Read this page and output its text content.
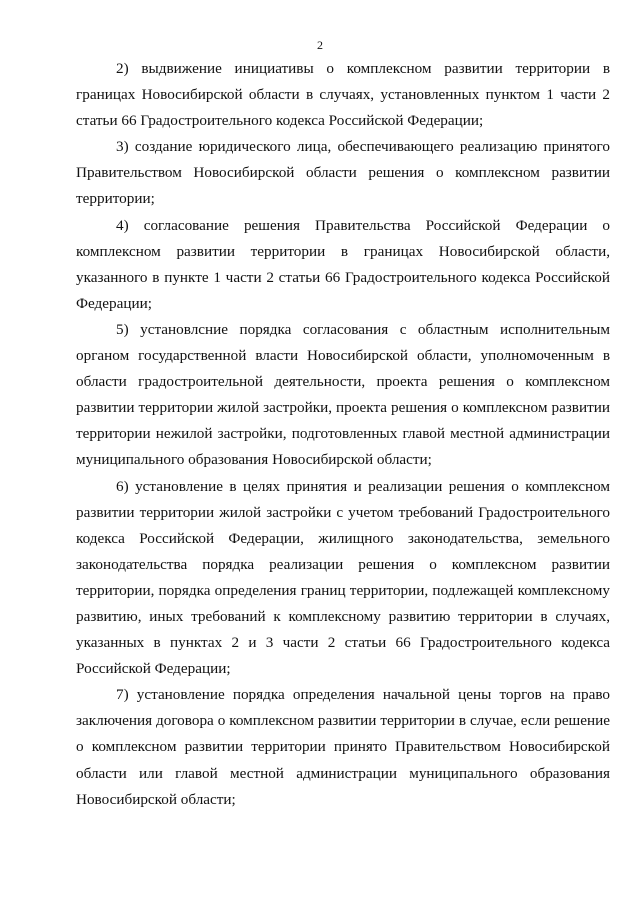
2

2) выдвижение инициативы о комплексном развитии территории в границах Новосибирской области в случаях, установленных пунктом 1 части 2 статьи 66 Градостроительного кодекса Российской Федерации;

3) создание юридического лица, обеспечивающего реализацию принятого Правительством Новосибирской области решения о комплексном развитии территории;

4) согласование решения Правительства Российской Федерации о комплексном развитии территории в границах Новосибирской области, указанного в пункте 1 части 2 статьи 66 Градостроительного кодекса Российской Федерации;

5) установлсние порядка согласования с областным исполнительным органом государственной власти Новосибирской области, уполномоченным в области градостроительной деятельности, проекта решения о комплексном развитии территории жилой застройки, проекта решения о комплексном развитии территории нежилой застройки, подготовленных главой местной администрации муниципального образования Новосибирской области;

6) установление в целях принятия и реализации решения о комплексном развитии территории жилой застройки с учетом требований Градостроительного кодекса Российской Федерации, жилищного законодательства, земельного законодательства порядка реализации решения о комплексном развитии территории, порядка определения границ территории, подлежащей комплексному развитию, иных требований к комплексному развитию территории в случаях, указанных в пунктах 2 и 3 части 2 статьи 66 Градостроительного кодекса Российской Федерации;

7) установление порядка определения начальной цены торгов на право заключения договора о комплексном развитии территории в случае, если решение о комплексном развитии территории принято Правительством Новосибирской области или главой местной администрации муниципального образования Новосибирской области;
